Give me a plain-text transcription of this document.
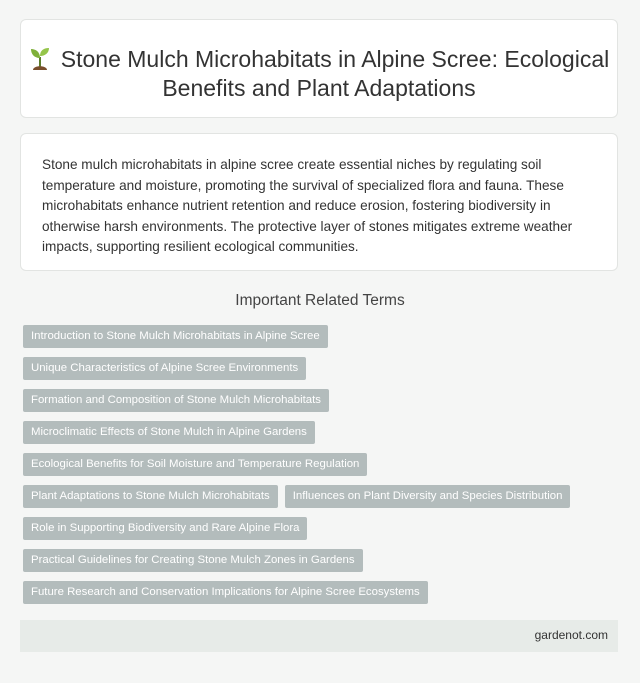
Stone Mulch Microhabitats in Alpine Scree: Ecological Benefits and Plant Adaptations

Stone mulch microhabitats in alpine scree create essential niches by regulating soil temperature and moisture, promoting the survival of specialized flora and fauna. These microhabitats enhance nutrient retention and reduce erosion, fostering biodiversity in otherwise harsh environments. The protective layer of stones mitigates extreme weather impacts, supporting resilient ecological communities.

Important Related Terms
Introduction to Stone Mulch Microhabitats in Alpine Scree
Unique Characteristics of Alpine Scree Environments
Formation and Composition of Stone Mulch Microhabitats
Microclimatic Effects of Stone Mulch in Alpine Gardens
Ecological Benefits for Soil Moisture and Temperature Regulation
Plant Adaptations to Stone Mulch Microhabitats	Influences on Plant Diversity and Species Distribution
Role in Supporting Biodiversity and Rare Alpine Flora
Practical Guidelines for Creating Stone Mulch Zones in Gardens
Future Research and Conservation Implications for Alpine Scree Ecosystems
gardenot.com
